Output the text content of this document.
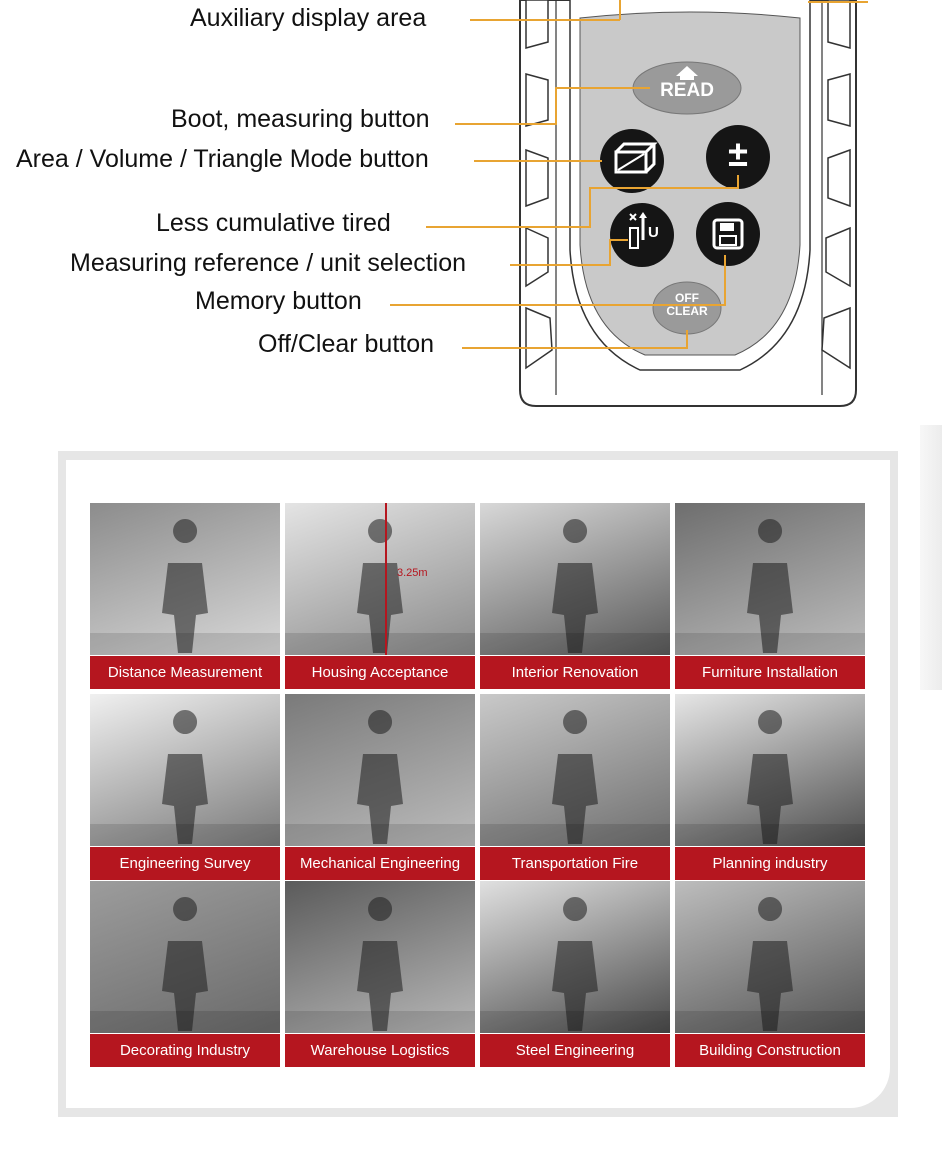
READ
±
U
OFF
CLEAR
Auxiliary display area
Boot, measuring button
Area / Volume / Triangle Mode button
Less cumulative tired
Measuring reference / unit selection
Memory button
Off/Clear button
Distance Measurement
3.25m
Housing Acceptance	Interior Renovation	Furniture Installation
Engineering Survey	Mechanical Engineering	Transportation Fire	Planning industry
Decorating Industry	Warehouse Logistics	Steel Engineering	Building Construction
